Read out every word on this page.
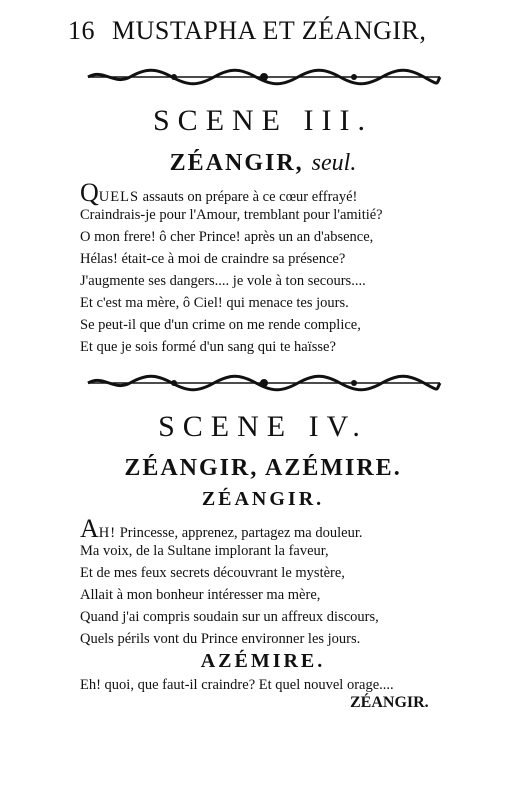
16 MUSTAPHA ET ZÉANGIR,
SCENE III.
ZÉANGIR, seul.
QUELS assauts on prépare à ce cœur effrayé!
Craindrais-je pour l'Amour, tremblant pour l'amitié?
O mon frere! ô cher Prince! après un an d'absence,
Hélas! était-ce à moi de craindre sa présence?
J'augmente ses dangers.... je vole à ton secours....
Et c'est ma mère, ô Ciel! qui menace tes jours.
Se peut-il que d'un crime on me rende complice,
Et que je sois formé d'un sang qui te haïsse?
SCENE IV.
ZÉANGIR, AZÉMIRE.
ZÉANGIR.
AH! Princesse, apprenez, partagez ma douleur.
Ma voix, de la Sultane implorant la faveur,
Et de mes feux secrets découvrant le mystère,
Allait à mon bonheur intéresser ma mère,
Quand j'ai compris soudain sur un affreux discours,
Quels périls vont du Prince environner les jours.
AZÉMIRE.
Eh! quoi, que faut-il craindre? Et quel nouvel orage....
ZÉANGIR.
